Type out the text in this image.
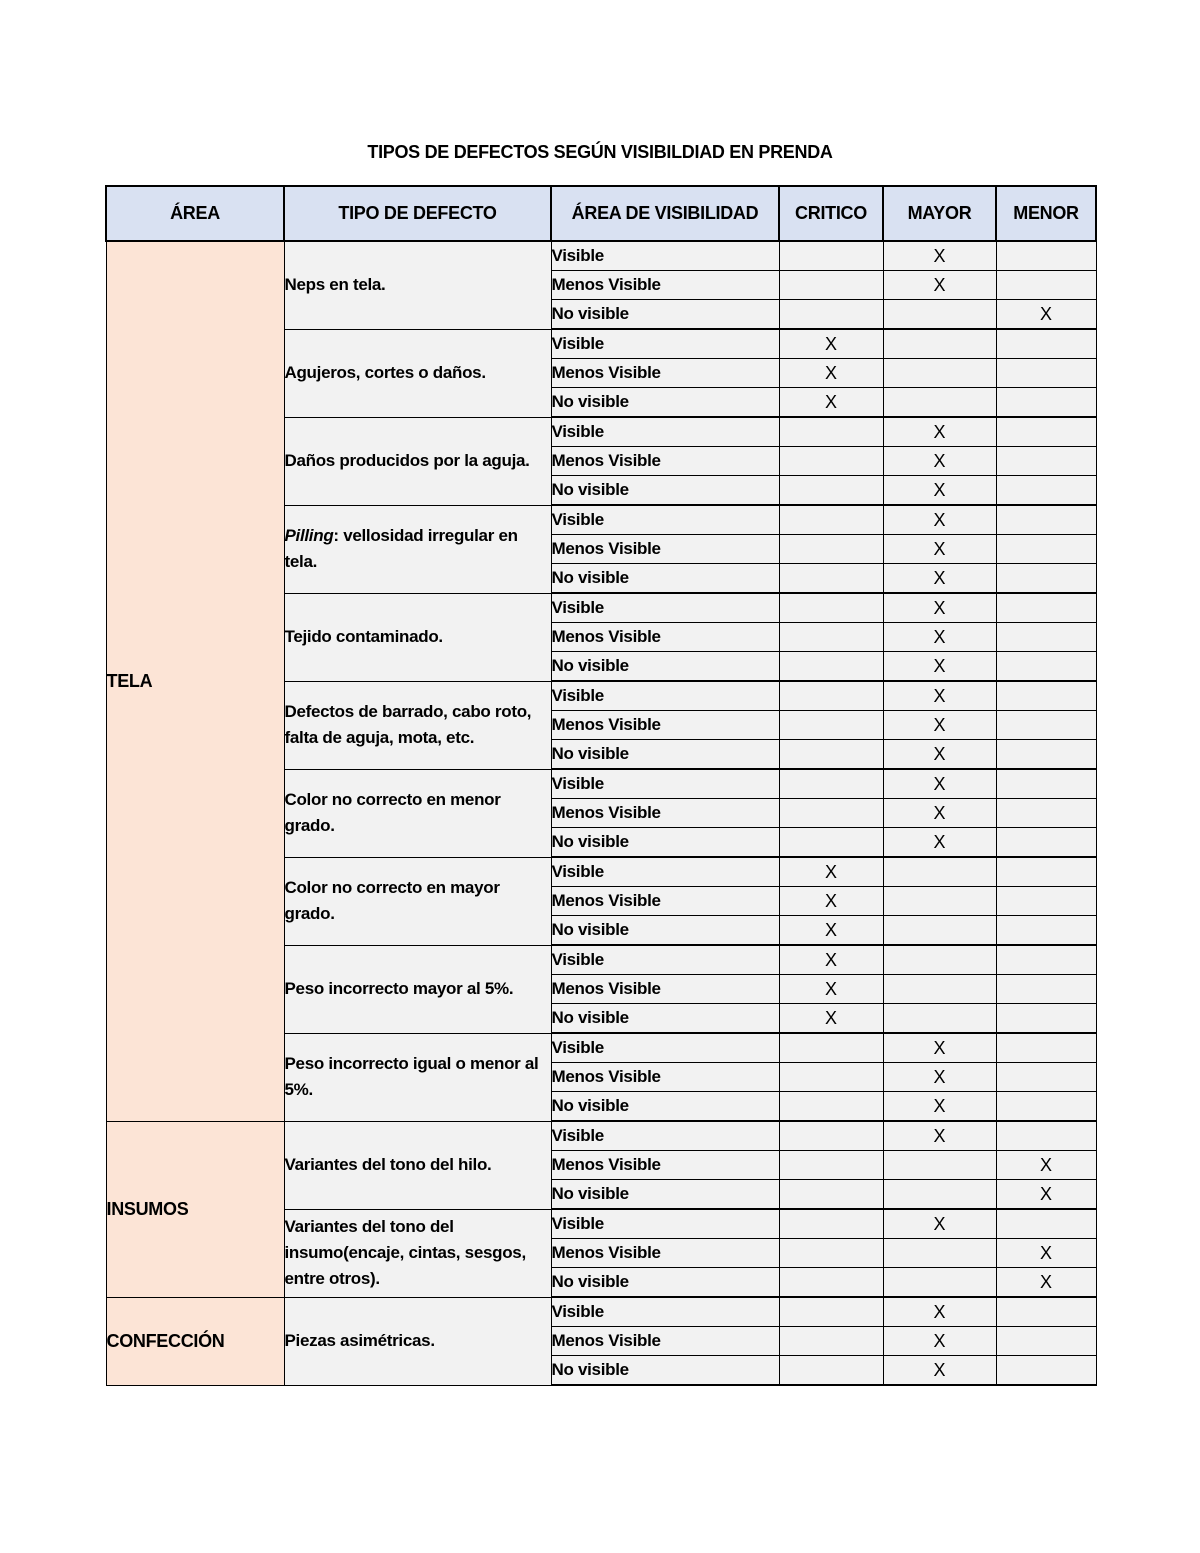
TIPOS DE DEFECTOS SEGÚN VISIBILDIAD EN PRENDA
ÁREA	TIPO DE DEFECTO	ÁREA DE VISIBILIDAD	CRITICO	MAYOR	MENOR
TELA	Neps en tela.	Visible		X	
		Menos Visible		X	
		No visible			X
	Agujeros, cortes o daños.	Visible	X		
		Menos Visible	X		
		No visible	X		
	Daños producidos por la aguja.	Visible		X	
		Menos Visible		X	
		No visible		X	
	Pilling: vellosidad irregular en tela.	Visible		X	
		Menos Visible		X	
		No visible		X	
	Tejido contaminado.	Visible		X	
		Menos Visible		X	
		No visible		X	
	Defectos de barrado, cabo roto, falta de aguja, mota, etc.	Visible		X	
		Menos Visible		X	
		No visible		X	
	Color no correcto en menor grado.	Visible		X	
		Menos Visible		X	
		No visible		X	
	Color no correcto en mayor grado.	Visible	X		
		Menos Visible	X		
		No visible	X		
	Peso incorrecto mayor al 5%.	Visible	X		
		Menos Visible	X		
		No visible	X		
	Peso incorrecto igual o menor al 5%.	Visible		X	
		Menos Visible		X	
		No visible		X	
INSUMOS	Variantes del tono del hilo.	Visible		X	
		Menos Visible			X
		No visible			X
	Variantes del tono del insumo(encaje, cintas, sesgos, entre otros).	Visible		X	
		Menos Visible			X
		No visible			X
CONFECCIÓN	Piezas asimétricas.	Visible		X	
		Menos Visible		X	
		No visible		X	
